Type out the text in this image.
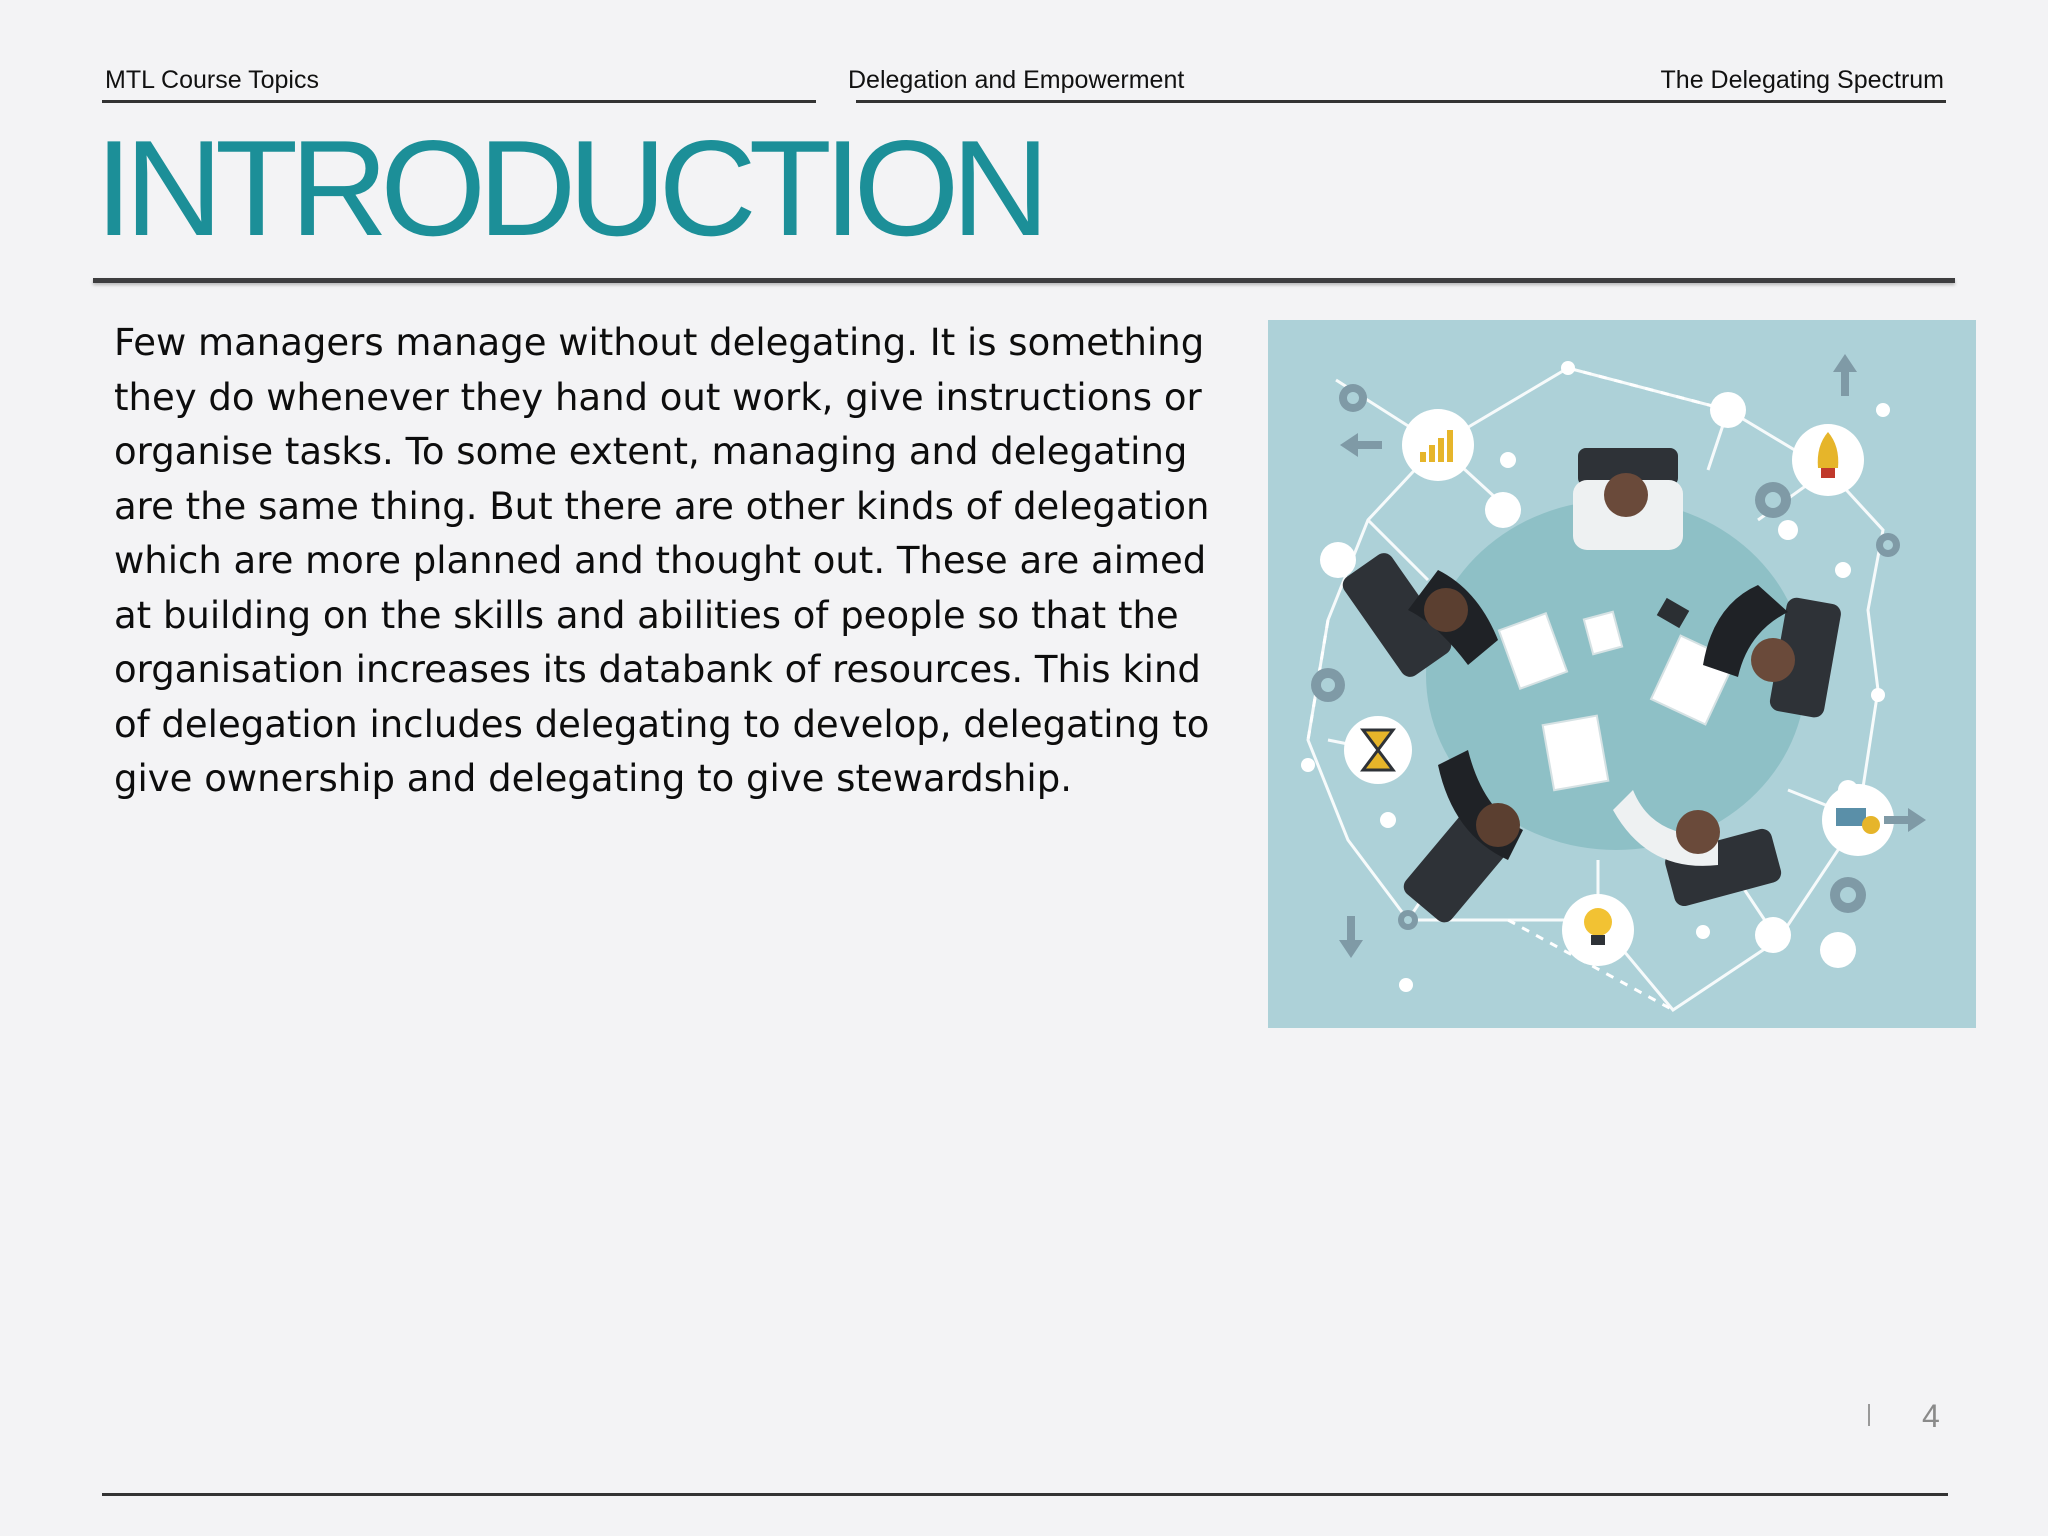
MTL Course Topics	Delegation and Empowerment	The Delegating Spectrum
INTRODUCTION

Few managers manage without delegating. It is something they do whenever they hand out work, give instructions or organise tasks. To some extent, managing and delegating are the same thing. But there are other kinds of delegation which are more planned and thought out. These are aimed at building on the skills and abilities of people so that the organisation increases its databank of resources. This kind of delegation includes delegating to develop, delegating to give ownership and delegating to give stewardship.

4
